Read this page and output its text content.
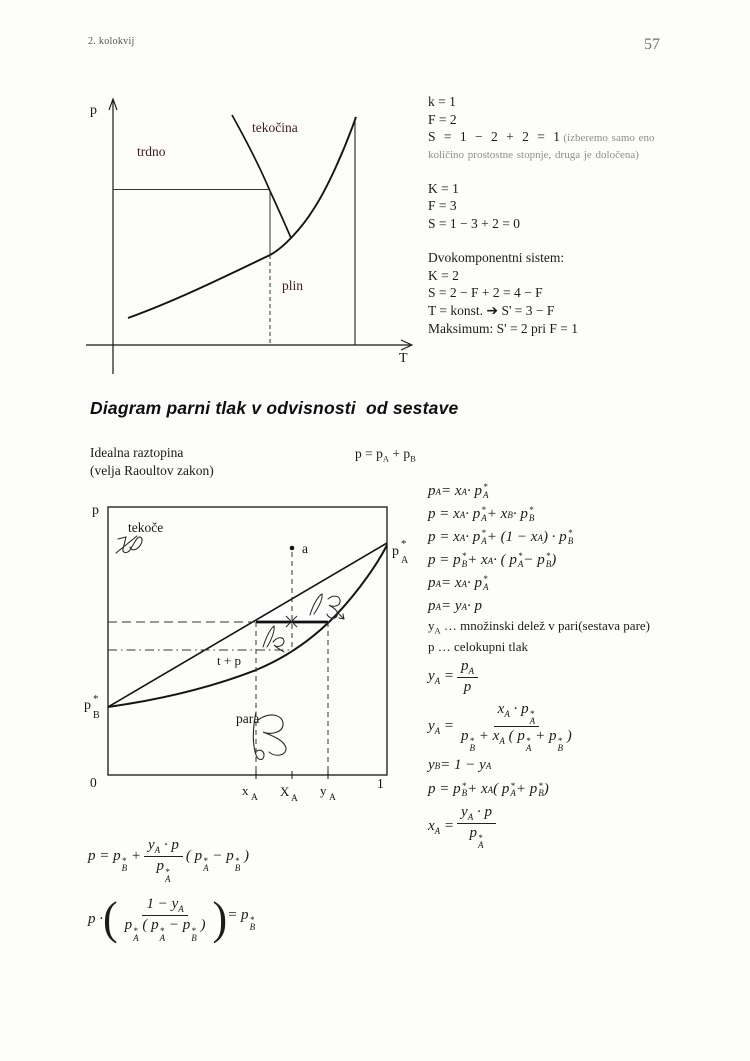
2. kolokvij	57
p
T
trdno
tekočina
plin
k = 1
F = 2
S = 1 − 2 + 2 = 1 (izberemo samo eno
količino prostostne stopnje, druga je določena)
K = 1
F = 3
S = 1 − 3 + 2 = 0
Dvokomponentni sistem:
K = 2
S = 2 − F + 2 = 4 − F
T = konst. ➔ S' = 3 − F
Maksimum: S' = 2 pri F = 1
Diagram parni tlak v odvisnosti  od sestave
Idealna raztopina
(velja Raoultov zakon)
$p = p_A + p_B$
p
tekoče
a
t + p
para
0	1
p *
A
p *
B
x A X A
y A
p A = x A · p *
A
p = x A · p *
A + x B · p *
B
p = x A · p *
A + (1 − x A ) · p *
B
p = p *
B + x A · ( p *
A − p *
B )
p A = x A · p *
A
p A = y A · p
$y_A$ … množinski delež v pari(sestava pare)
p … celokupni tlak
$y_A = \frac{p_A}{p}$
$y_A = x_A \cdot p$ *
A
p *
B
+ $x_A$ ( p *
A
+ p *
B
)
y B = 1 − y A
p = p *
B + x A ( p *
A + p *
B )
$x_A = y_A \cdot p$
p *
A
p = p *
B
+ $y_A \cdot p$
p *
A ( p *
A
− p *
B
)
p · ( $1 - y_A$
p *
A
( p *
A
− p *
B
) ) = p *
B
